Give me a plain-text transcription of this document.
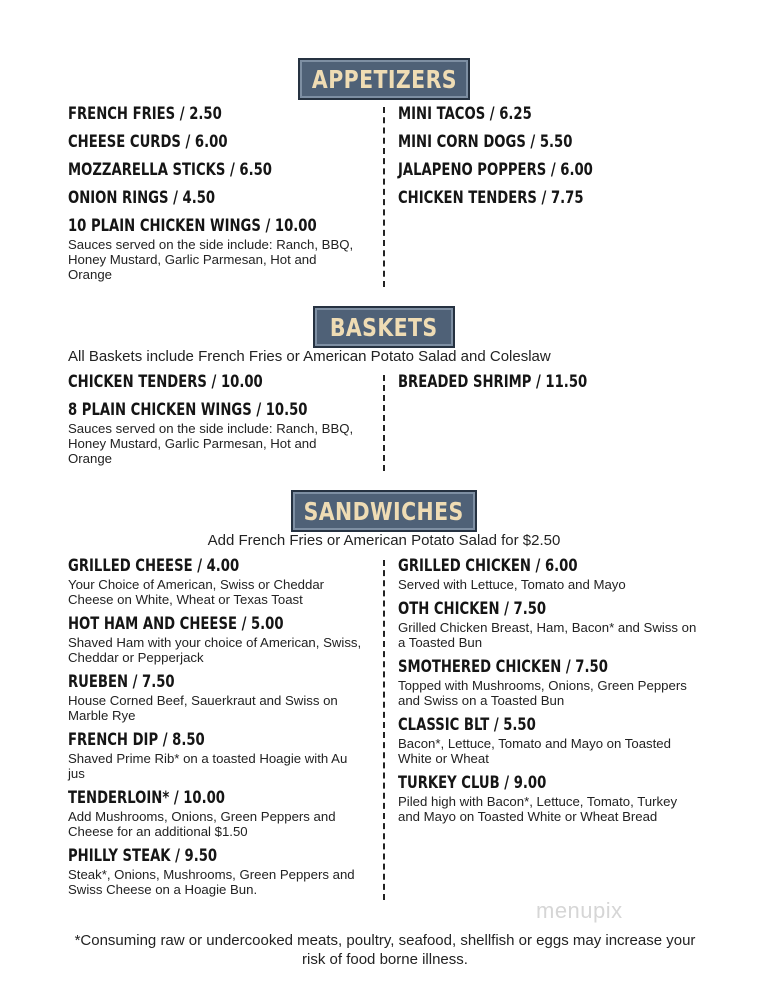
APPETIZERS
FRENCH FRIES / 2.50
CHEESE CURDS / 6.00
MOZZARELLA STICKS / 6.50
ONION RINGS / 4.50
10 PLAIN CHICKEN WINGS / 10.00
Sauces served on the side include: Ranch, BBQ, Honey Mustard, Garlic Parmesan, Hot and Orange
MINI TACOS / 6.25
MINI CORN DOGS / 5.50
JALAPENO POPPERS / 6.00
CHICKEN TENDERS / 7.75
BASKETS
All Baskets include French Fries or American Potato Salad and Coleslaw
CHICKEN TENDERS / 10.00
8 PLAIN CHICKEN WINGS / 10.50
Sauces served on the side include: Ranch, BBQ, Honey Mustard, Garlic Parmesan, Hot and Orange
BREADED SHRIMP / 11.50
SANDWICHES
Add French Fries or American Potato Salad for $2.50
GRILLED CHEESE / 4.00
Your Choice of American, Swiss or Cheddar Cheese on White, Wheat or Texas Toast
HOT HAM AND CHEESE / 5.00
Shaved Ham with your choice of American, Swiss, Cheddar or Pepperjack
RUEBEN / 7.50
House Corned Beef, Sauerkraut and Swiss on Marble Rye
FRENCH DIP / 8.50
Shaved Prime Rib* on a toasted Hoagie with Au jus
TENDERLOIN* / 10.00
Add Mushrooms, Onions, Green Peppers and Cheese for an additional $1.50
PHILLY STEAK / 9.50
Steak*, Onions, Mushrooms, Green Peppers and Swiss Cheese on a Hoagie Bun.
GRILLED CHICKEN / 6.00
Served with Lettuce, Tomato and Mayo
OTH CHICKEN / 7.50
Grilled Chicken Breast, Ham, Bacon* and Swiss on a Toasted Bun
SMOTHERED CHICKEN / 7.50
Topped with Mushrooms, Onions, Green Peppers and Swiss on a Toasted Bun
CLASSIC BLT / 5.50
Bacon*, Lettuce, Tomato and Mayo on Toasted White or Wheat
TURKEY CLUB / 9.00
Piled high with Bacon*, Lettuce, Tomato, Turkey and Mayo on Toasted White or Wheat Bread
menupix
*Consuming raw or undercooked meats, poultry, seafood, shellfish or eggs may increase your risk of food borne illness.
